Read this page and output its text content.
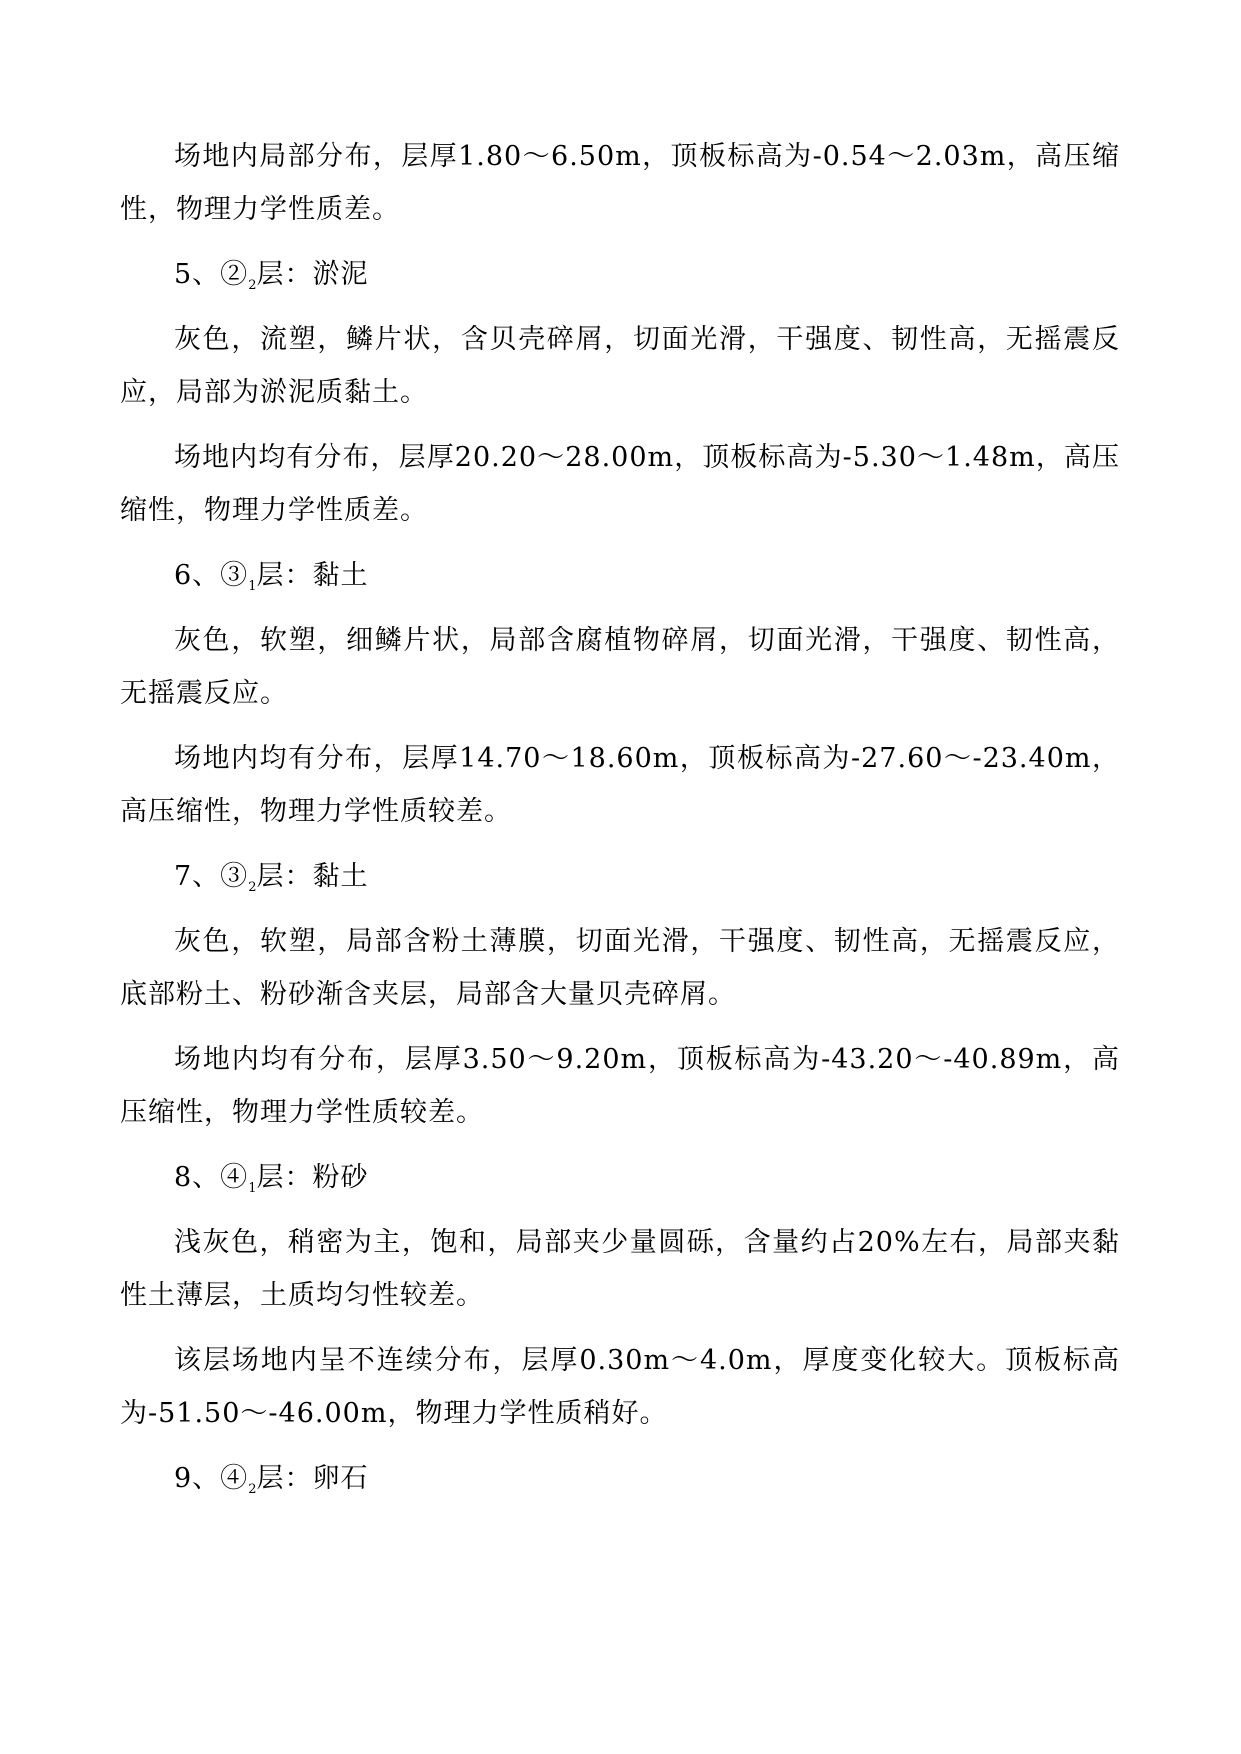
场地内局部分布，层厚1.80～6.50m，顶板标高为-0.54～2.03m，高压缩性，物理力学性质差。

5、$②_2$层：淤泥

灰色，流塑，鳞片状，含贝壳碎屑，切面光滑，干强度、韧性高，无摇震反应，局部为淤泥质黏土。

场地内均有分布，层厚20.20～28.00m，顶板标高为-5.30～1.48m，高压缩性，物理力学性质差。

6、$③_1$层：黏土

灰色，软塑，细鳞片状，局部含腐植物碎屑，切面光滑，干强度、韧性高，无摇震反应。

场地内均有分布，层厚14.70～18.60m，顶板标高为-27.60～-23.40m，高压缩性，物理力学性质较差。

7、$③_2$层：黏土

灰色，软塑，局部含粉土薄膜，切面光滑，干强度、韧性高，无摇震反应，底部粉土、粉砂渐含夹层，局部含大量贝壳碎屑。

场地内均有分布，层厚3.50～9.20m，顶板标高为-43.20～-40.89m，高压缩性，物理力学性质较差。

8、$④_1$层：粉砂

浅灰色，稍密为主，饱和，局部夹少量圆砾，含量约占20%左右，局部夹黏性土薄层，土质均匀性较差。

该层场地内呈不连续分布，层厚0.30m～4.0m，厚度变化较大。顶板标高为-51.50～-46.00m，物理力学性质稍好。

9、$④_2$层：卵石
